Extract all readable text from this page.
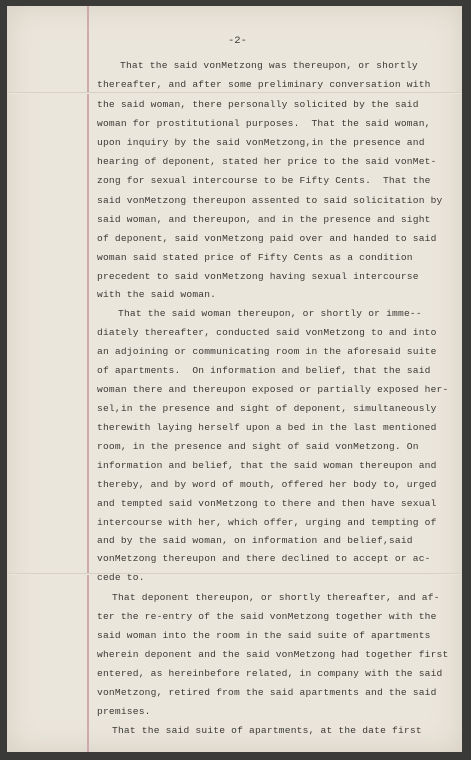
-2-
That the said vonMetzong was thereupon, or shortly
thereafter, and after some preliminary conversation with
the said woman, there personally solicited by the said
woman for prostitutional purposes.  That the said woman,
upon inquiry by the said vonMetzong,in the presence and
hearing of deponent, stated her price to the said vonMet-
zong for sexual intercourse to be Fifty Cents.  That the
said vonMetzong thereupon assented to said solicitation by
said woman, and thereupon, and in the presence and sight
of deponent, said vonMetzong paid over and handed to said
woman said stated price of Fifty Cents as a condition
precedent to said vonMetzong having sexual intercourse
with the said woman.
That the said woman thereupon, or shortly or imme--
diately thereafter, conducted said vonMetzong to and into
an adjoining or communicating room in the aforesaid suite
of apartments.  On information and belief, that the said
woman there and thereupon exposed or partially exposed her-
sel,in the presence and sight of deponent, simultaneously
therewith laying herself upon a bed in the last mentioned
room, in the presence and sight of said vonMetzong. On
information and belief, that the said woman thereupon and
thereby, and by word of mouth, offered her body to, urged
and tempted said vonMetzong to there and then have sexual
intercourse with her, which offer, urging and tempting of
and by the said woman, on information and belief,said
vonMetzong thereupon and there declined to accept or ac-
cede to.
That deponent thereupon, or shortly thereafter, and af-
ter the re-entry of the said vonMetzong together with the
said woman into the room in the said suite of apartments
wherein deponent and the said vonMetzong had together first
entered, as hereinbefore related, in company with the said
vonMetzong, retired from the said apartments and the said
premises.
That the said suite of apartments, at the date first
